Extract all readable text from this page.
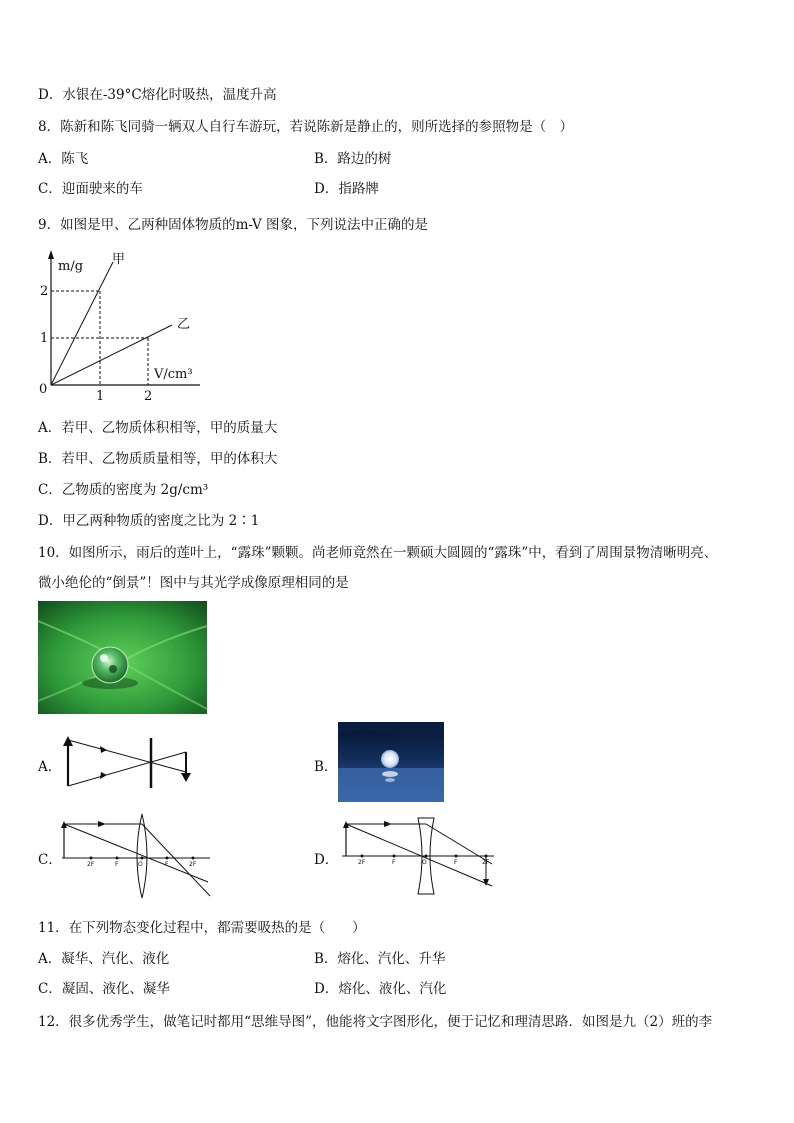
D．水银在-39°C熔化时吸热，温度升高
8．陈新和陈飞同骑一辆双人自行车游玩，若说陈新是静止的，则所选择的参照物是（　）
A．陈飞	B．路边的树
C．迎面驶来的车	D．指路牌
9．如图是甲、乙两种固体物质的m-V 图象，下列说法中正确的是
m/g
2
1
0	1	2
V/cm³
甲
乙
A．若甲、乙物质体积相等，甲的质量大
B．若甲、乙物质质量相等，甲的体积大
C．乙物质的密度为 2g/cm³
D．甲乙两种物质的密度之比为 2∶1
10．如图所示，雨后的莲叶上，“露珠”颗颗。尚老师竟然在一颗硕大圆圆的“露珠”中，看到了周围景物清晰明亮、
微小绝伦的“倒景”！图中与其光学成像原理相同的是
A．	B．
C．	2F	F	O	F	2F	D．	2F	F	O	F	2F
11．在下列物态变化过程中，都需要吸热的是（　　）
A．凝华、汽化、液化	B．熔化、汽化、升华
C．凝固、液化、凝华	D．熔化、液化、汽化
12．很多优秀学生，做笔记时都用“思维导图”，他能将文字图形化，便于记忆和理清思路．如图是九（2）班的李
